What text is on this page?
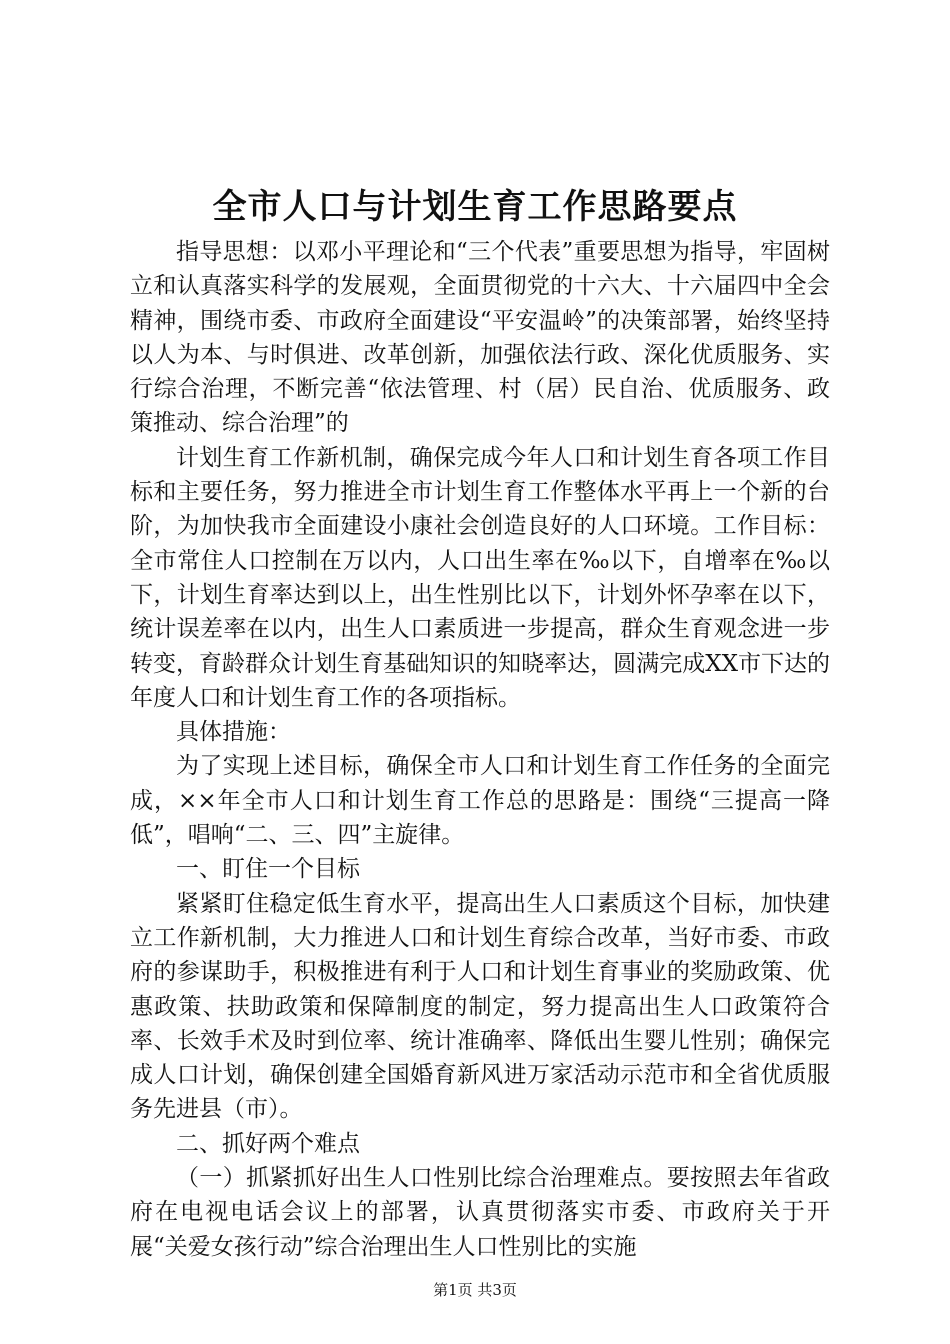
全市人口与计划生育工作思路要点

指导思想：以邓小平理论和“三个代表”重要思想为指导，牢固树立和认真落实科学的发展观，全面贯彻党的十六大、十六届四中全会精神，围绕市委、市政府全面建设“平安温岭”的决策部署，始终坚持以人为本、与时俱进、改革创新，加强依法行政、深化优质服务、实行综合治理，不断完善“依法管理、村（居）民自治、优质服务、政策推动、综合治理”的

计划生育工作新机制，确保完成今年人口和计划生育各项工作目标和主要任务，努力推进全市计划生育工作整体水平再上一个新的台阶，为加快我市全面建设小康社会创造良好的人口环境。工作目标：全市常住人口控制在万以内，人口出生率在‰以下，自增率在‰以下，计划生育率达到以上，出生性别比以下，计划外怀孕率在以下，统计误差率在以内，出生人口素质进一步提高，群众生育观念进一步转变，育龄群众计划生育基础知识的知晓率达，圆满完成XX市下达的年度人口和计划生育工作的各项指标。

具体措施：

为了实现上述目标，确保全市人口和计划生育工作任务的全面完成，××年全市人口和计划生育工作总的思路是：围绕“三提高一降低”，唱响“二、三、四”主旋律。

一、盯住一个目标

紧紧盯住稳定低生育水平，提高出生人口素质这个目标，加快建立工作新机制，大力推进人口和计划生育综合改革，当好市委、市政府的参谋助手，积极推进有利于人口和计划生育事业的奖励政策、优惠政策、扶助政策和保障制度的制定，努力提高出生人口政策符合率、长效手术及时到位率、统计准确率、降低出生婴儿性别；确保完成人口计划，确保创建全国婚育新风进万家活动示范市和全省优质服务先进县（市）。

二、抓好两个难点

（一）抓紧抓好出生人口性别比综合治理难点。要按照去年省政府在电视电话会议上的部署，认真贯彻落实市委、市政府关于开展“关爱女孩行动”综合治理出生人口性别比的实施

第1页 共3页
